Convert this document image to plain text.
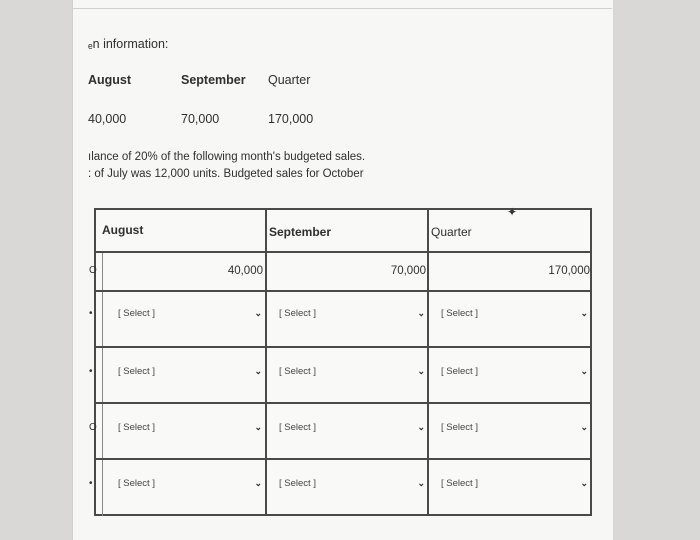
ₑn information:
August	September Quarter
40,000	70,000	170,000
ılance of 20% of the following month's budgeted sales.
: of July was 12,000 units. Budgeted sales for October
✦
August	September	Quarter
O	40,000	70,000	170,000
•	[ Select ]	⌄ [ Select ]	⌄ [ Select ]	⌄
•	[ Select ]	⌄ [ Select ]	⌄ [ Select ]	⌄
O [ Select ]	⌄ [ Select ]	⌄ [ Select ]	⌄
•	[ Select ]	⌄ [ Select ]	⌄ [ Select ]	⌄
